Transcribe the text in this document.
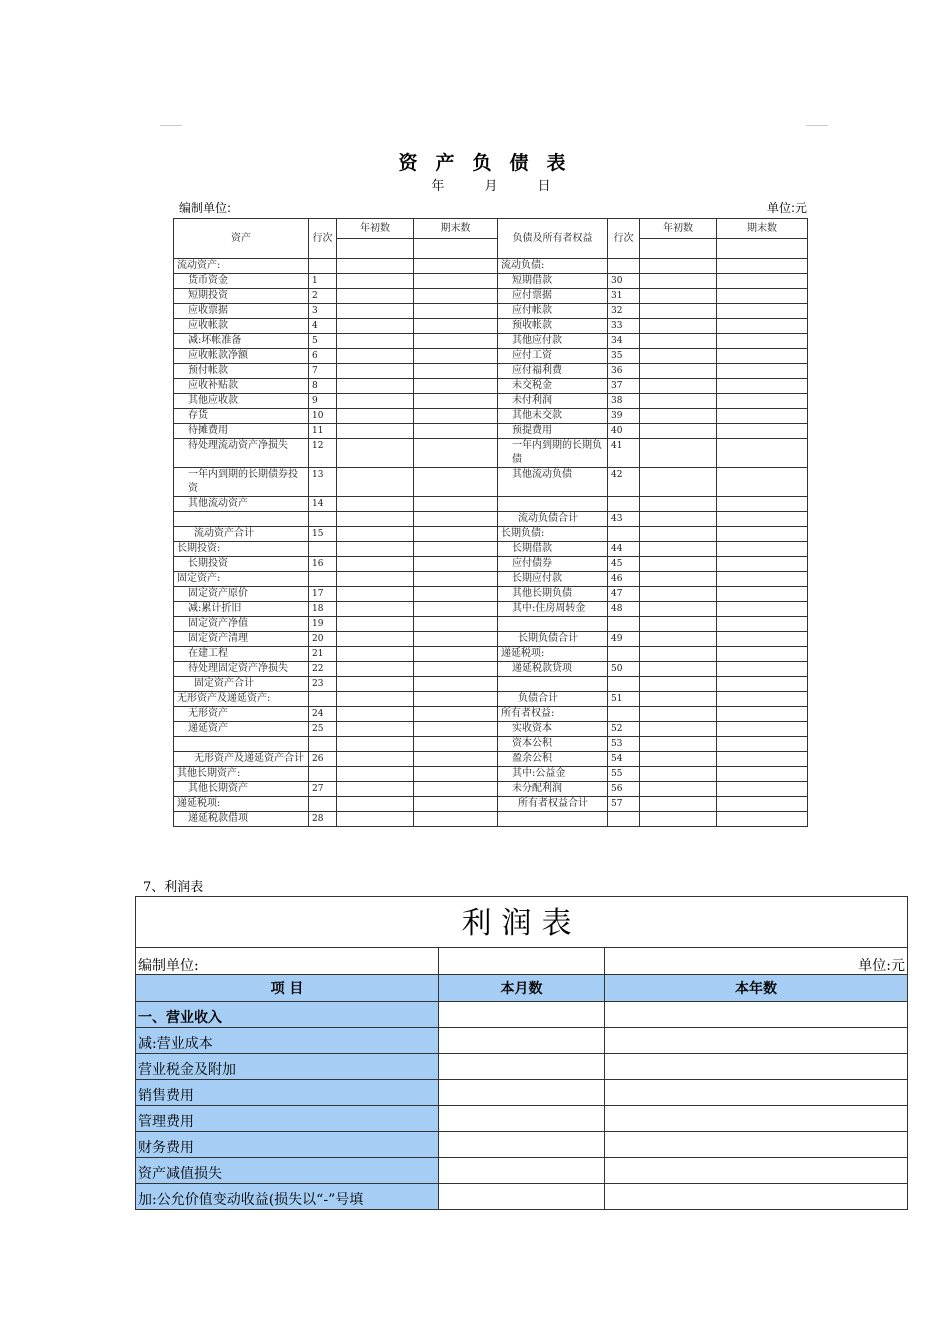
资产负债表
年	月	日
编制单位:	单位:元
资产	行次	年初数	期末数	负债及所有者权益	行次	年初数	期末数

流动资产:				流动负债:			
货币资金	1			短期借款	30		
短期投资	2			应付票据	31		
应收票据	3			应付帐款	32		
应收帐款	4			预收帐款	33		
减:坏帐准备	5			其他应付款	34		
应收帐款净额	6			应付工资	35		
预付帐款	7			应付福利费	36		
应收补贴款	8			未交税金	37		
其他应收款	9			未付利润	38		
存货	10			其他未交款	39		
待摊费用	11			预提费用	40		
待处理流动资产净损失	12			一年内到期的长期负债	41		
一年内到期的长期债券投资	13			其他流动负债	42		
其他流动资产	14						
				流动负债合计	43		
流动资产合计	15			长期负债:			
长期投资:				长期借款	44		
长期投资	16			应付债券	45		
固定资产:				长期应付款	46		
固定资产原价	17			其他长期负债	47		
减:累计折旧	18			其中:住房周转金	48		
固定资产净值	19						
固定资产清理	20			长期负债合计	49		
在建工程	21			递延税项:			
待处理固定资产净损失	22			递延税款贷项	50		
固定资产合计	23						
无形资产及递延资产:				负债合计	51		
无形资产	24			所有者权益:			
递延资产	25			实收资本	52		
				资本公积	53		
无形资产及递延资产合计	26			盈余公积	54		
其他长期资产:				其中:公益金	55		
其他长期资产	27			未分配利润	56		
递延税项:				所有者权益合计	57		
递延税款借项	28						
7、利润表
利润表		
编制单位:		单位:元
项 目	本月数	本年数
一、营业收入		
减:营业成本		
营业税金及附加		
销售费用		
管理费用		
财务费用		
资产减值损失		
加:公允价值变动收益(损失以“-”号填		
